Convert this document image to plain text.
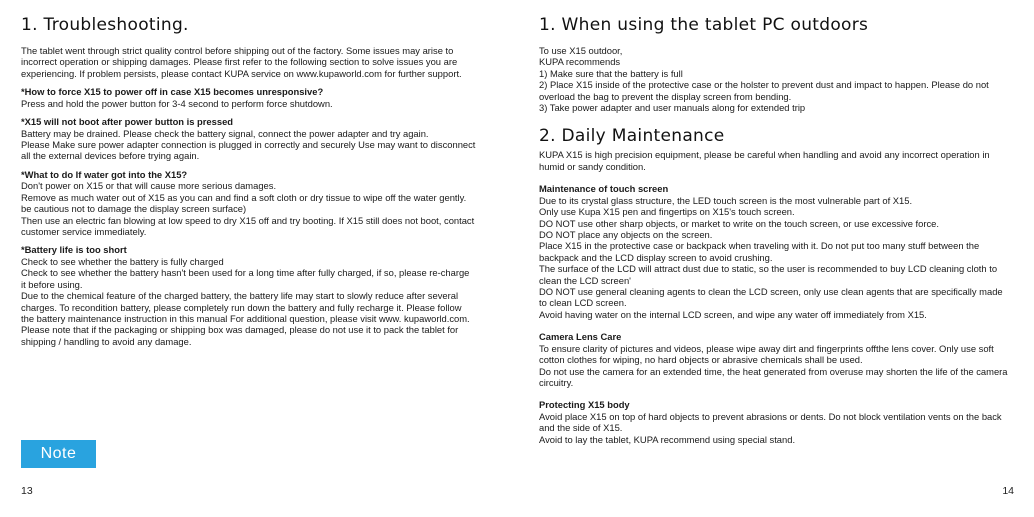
1. Troubleshooting.

The tablet went through strict quality control before shipping out of the factory. Some issues may arise to incorrect operation or shipping damages. Please first refer to the following section to solve issues you are experiencing. If problem persists, please contact KUPA service on www.kupaworld.com for further support.

*How to force X15 to power off in case X15 becomes unresponsive?

Press and hold the power button for 3-4 second to perform force shutdown.

*X15 will not boot after power button is pressed

Battery may be drained. Please check the battery signal, connect the power adapter and try again.

Please Make sure power adapter connection is plugged in correctly and securely Use may want to disconnect all the external devices before trying again.

*What to do If water got into the X15?

Don't power on X15 or that will cause more serious damages.

Remove as much water out of X15 as you can and find a soft cloth or dry tissue to wipe off the water gently. be cautious not to damage the display screen surface)

Then use an electric fan blowing at low speed to dry X15 off and try booting. If X15 still does not boot, contact customer service immediately.

*Battery life is too short

Check to see whether the battery is fully charged

Check to see whether the battery hasn't been used for a long time after fully charged, if so, please re-charge it before using.

Due to the chemical feature of the charged battery, the battery life may start to slowly reduce after several charges. To recondition battery, please completely run down the battery and fully recharge it. Please follow the battery maintenance instruction in this manual For additional question, please visit www. kupaworld.com.

Please note that if the packaging or shipping box was damaged, please do not use it to pack the tablet for shipping / handling to avoid any damage.

Note
13
1. When using the tablet PC outdoors

To use X15 outdoor,

KUPA recommends

1) Make sure that the battery is full

2) Place X15 inside of the protective case or the holster to prevent dust and impact to happen. Please do not overload the bag to prevent the display screen from bending.

3) Take power adapter and user manuals along for extended trip

2. Daily Maintenance

KUPA X15 is high precision equipment, please be careful when handling and avoid any incorrect operation in humid or sandy condition.

Maintenance of touch screen

Due to its crystal glass structure, the LED touch screen is the most vulnerable part of X15.

Only use Kupa X15 pen and fingertips on X15's touch screen.

DO NOT use other sharp objects, or market to write on the touch screen, or use excessive force.

DO NOT place any objects on the screen.

Place X15 in the protective case or backpack when traveling with it. Do not put too many stuff between the backpack and the LCD display screen to avoid crushing.

The surface of the LCD will attract dust due to static, so the user is recommended to buy LCD cleaning cloth to clean the LCD screen'

DO NOT use general cleaning agents to clean the LCD screen, only use clean agents that are specifically made to clean LCD screen.

Avoid having water on the internal LCD screen, and wipe any water off immediately from X15.

Camera Lens Care

To ensure clarity of pictures and videos, please wipe away dirt and fingerprints offthe lens cover. Only use soft cotton clothes for wiping, no hard objects or abrasive chemicals shall be used.

Do not use the camera for an extended time, the heat generated from overuse may shorten the life of the camera circuitry.

Protecting X15 body

Avoid place X15 on top of hard objects to prevent abrasions or dents. Do not block ventilation vents on the back and the side of X15.

Avoid to lay the tablet, KUPA recommend using special stand.

14
